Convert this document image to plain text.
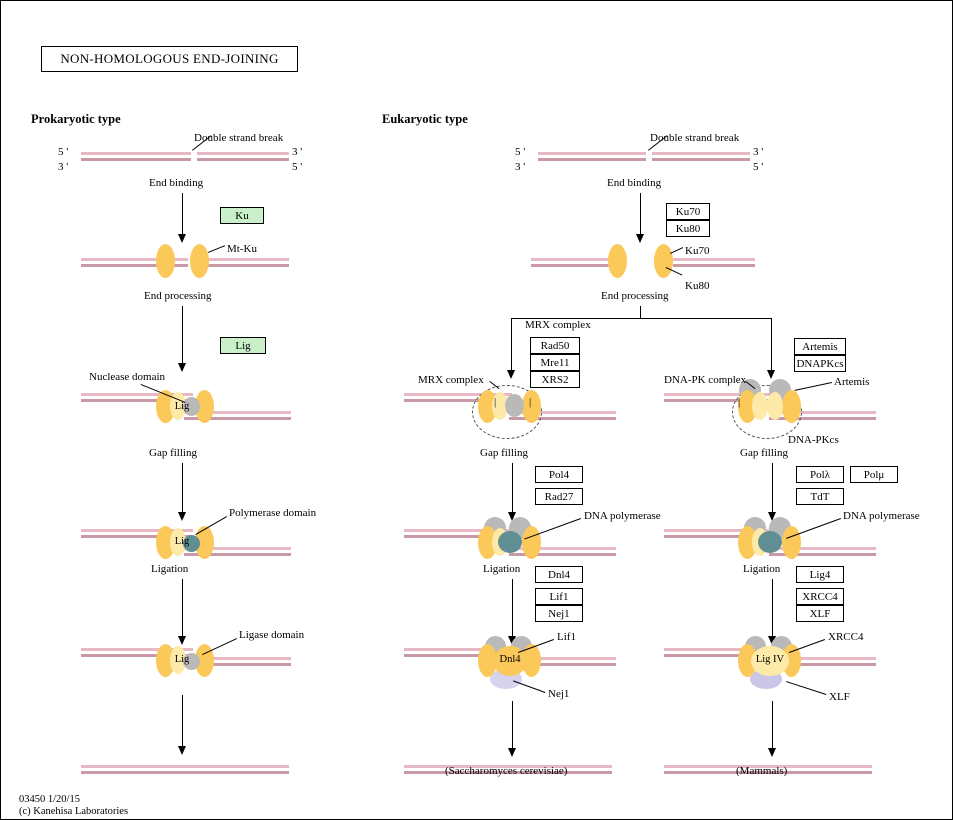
NON-HOMOLOGOUS END-JOINING
Prokaryotic type	Eukaryotic type
5 '
3 '
3 '
5 '
Double strand break
End binding
Ku
Mt-Ku
End processing
Lig
Lig
Nuclease domain
Gap filling
Lig
Polymerase domain
Ligation
Lig
Ligase domain
5 '
3 '
3 '
5 '
Double strand break
End binding
Ku70
Ku80
Ku70
Ku80
End processing
MRX complex
Rad50
Mre11
XRS2
Artemis
DNAPKcs
|	|
MRX complex
Gap filling
Pol4
Rad27
DNA polymerase
Ligation	Dnl4
Lif1
Nej1
Dnl4
Lif1
Nej1
(Saccharomyces cerevisiae)
|
DNA-PK complex	Artemis
DNA-PKcs
Gap filling
Polλ	Polμ
TdT
DNA polymerase
Ligation	Lig4
XRCC4
XLF
Lig IV
XRCC4
XLF
(Mammals)
03450 1/20/15
(c) Kanehisa Laboratories
